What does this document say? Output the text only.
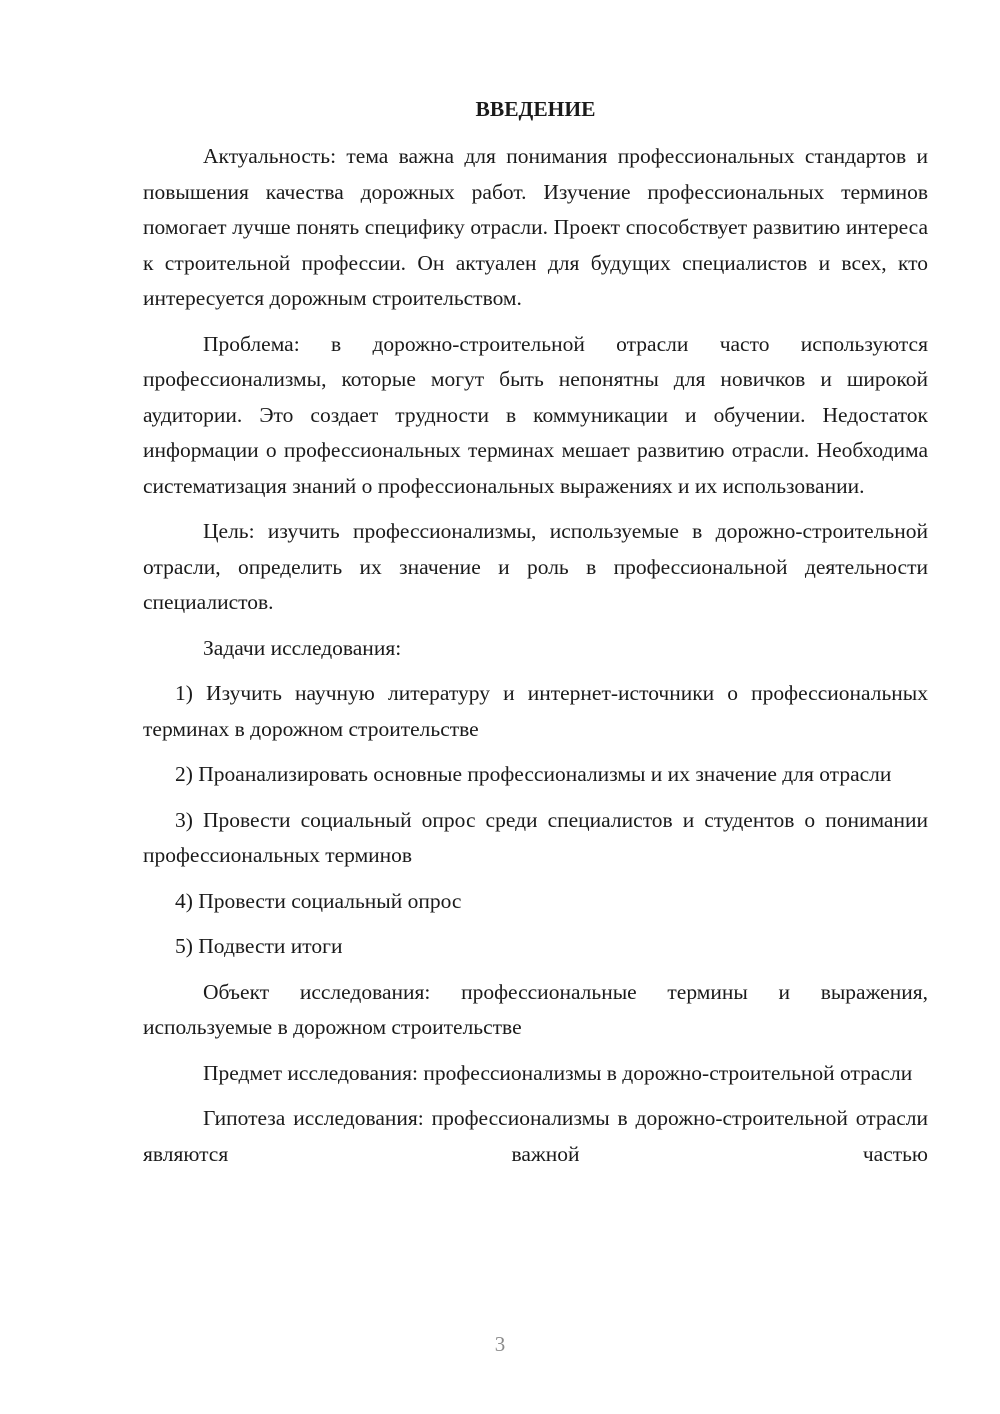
ВВЕДЕНИЕ

Актуальность: тема важна для понимания профессиональных стандартов и повышения качества дорожных работ. Изучение профессиональных терминов помогает лучше понять специфику отрасли. Проект способствует развитию интереса к строительной профессии. Он актуален для будущих специалистов и всех, кто интересуется дорожным строительством.

Проблема: в дорожно-строительной отрасли часто используются профессионализмы, которые могут быть непонятны для новичков и широкой аудитории. Это создает трудности в коммуникации и обучении. Недостаток информации о профессиональных терминах мешает развитию отрасли. Необходима систематизация знаний о профессиональных выражениях и их использовании.

Цель: изучить профессионализмы, используемые в дорожно-строительной отрасли, определить их значение и роль в профессиональной деятельности специалистов.

Задачи исследования:

1) Изучить научную литературу и интернет-источники о профессиональных терминах в дорожном строительстве

2) Проанализировать основные профессионализмы и их значение для отрасли

3) Провести социальный опрос среди специалистов и студентов о понимании профессиональных терминов

4) Провести социальный опрос

5) Подвести итоги

Объект исследования: профессиональные термины и выражения, используемые в дорожном строительстве

Предмет исследования: профессионализмы в дорожно-строительной отрасли

Гипотеза исследования: профессионализмы в дорожно-строительной отрасли являются важной частью

3
